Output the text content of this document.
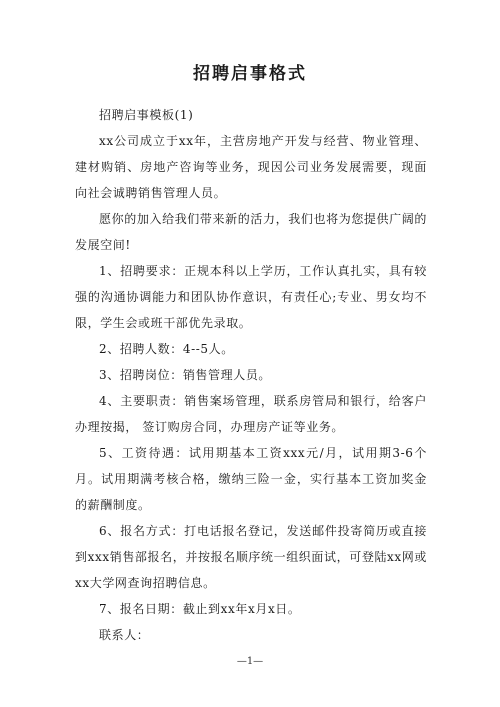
招聘启事格式

招聘启事模板(1)

xx公司成立于xx年，主营房地产开发与经营、物业管理、建材购销、房地产咨询等业务，现因公司业务发展需要，现面向社会诚聘销售管理人员。

愿你的加入给我们带来新的活力，我们也将为您提供广阔的发展空间!

1、招聘要求：正规本科以上学历，工作认真扎实，具有较强的沟通协调能力和团队协作意识，有责任心;专业、男女均不限，学生会或班干部优先录取。

2、招聘人数：4--5人。

3、招聘岗位：销售管理人员。

4、主要职责：销售案场管理，联系房管局和银行，给客户办理按揭， 签订购房合同，办理房产证等业务。

5、工资待遇：试用期基本工资xxx元/月，试用期3-6个月。试用期满考核合格，缴纳三险一金，实行基本工资加奖金的薪酬制度。

6、报名方式：打电话报名登记，发送邮件投寄简历或直接到xxx销售部报名，并按报名顺序统一组织面试，可登陆xx网或xx大学网查询招聘信息。

7、报名日期：截止到xx年x月x日。

联系人：

—1—
